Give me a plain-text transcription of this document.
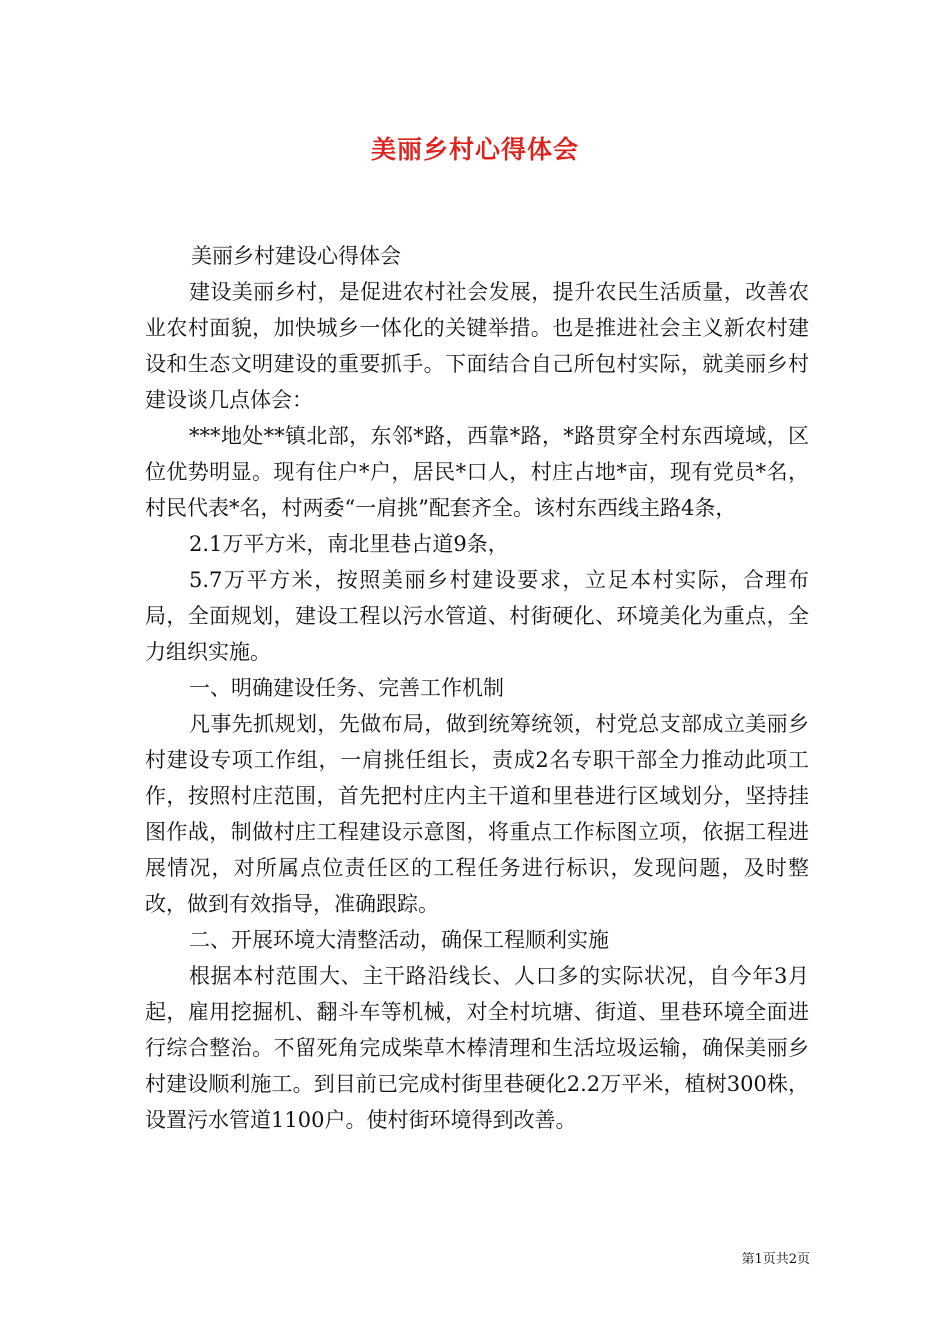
美丽乡村心得体会

美丽乡村建设心得体会

建设美丽乡村，是促进农村社会发展，提升农民生活质量，改善农业农村面貌，加快城乡一体化的关键举措。也是推进社会主义新农村建设和生态文明建设的重要抓手。下面结合自己所包村实际，就美丽乡村建设谈几点体会：

***地处**镇北部，东邻*路，西靠*路，*路贯穿全村东西境域，区位优势明显。现有住户*户，居民*口人，村庄占地*亩，现有党员*名，村民代表*名，村两委“一肩挑”配套齐全。该村东西线主路4条，

2.1万平方米，南北里巷占道9条，

5.7万平方米，按照美丽乡村建设要求，立足本村实际，合理布局，全面规划，建设工程以污水管道、村街硬化、环境美化为重点，全力组织实施。

一、明确建设任务、完善工作机制

凡事先抓规划，先做布局，做到统筹统领，村党总支部成立美丽乡村建设专项工作组，一肩挑任组长，责成2名专职干部全力推动此项工作，按照村庄范围，首先把村庄内主干道和里巷进行区域划分，坚持挂图作战，制做村庄工程建设示意图，将重点工作标图立项，依据工程进展情况，对所属点位责任区的工程任务进行标识，发现问题，及时整改，做到有效指导，准确跟踪。

二、开展环境大清整活动，确保工程顺利实施

根据本村范围大、主干路沿线长、人口多的实际状况，自今年3月起，雇用挖掘机、翻斗车等机械，对全村坑塘、街道、里巷环境全面进行综合整治。不留死角完成柴草木棒清理和生活垃圾运输，确保美丽乡村建设顺利施工。到目前已完成村街里巷硬化2.2万平米，植树300株，设置污水管道1100户。使村街环境得到改善。

第1页共2页
